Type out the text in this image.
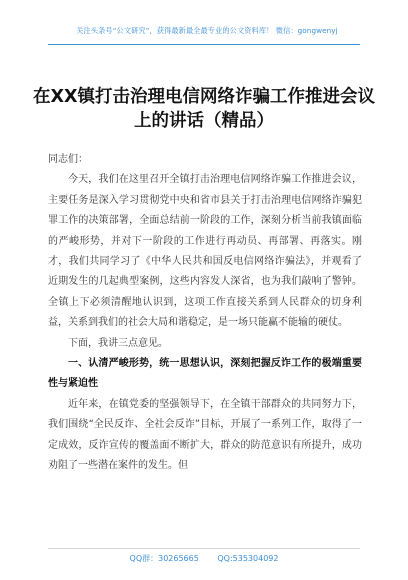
关注头条号“公文研究”，获得最新最全最专业的公文资料库！ 微信：gongwenyj
在XX镇打击治理电信网络诈骗工作推进会议上的讲话（精品）

同志们：

今天，我们在这里召开全镇打击治理电信网络诈骗工作推进会议，主要任务是深入学习贯彻党中央和省市县关于打击治理电信网络诈骗犯罪工作的决策部署，全面总结前一阶段的工作，深刻分析当前我镇面临的严峻形势，并对下一阶段的工作进行再动员、再部署、再落实。刚才，我们共同学习了《中华人民共和国反电信网络诈骗法》，并观看了近期发生的几起典型案例，这些内容发人深省，也为我们敲响了警钟。全镇上下必须清醒地认识到，这项工作直接关系到人民群众的切身利益，关系到我们的社会大局和谐稳定，是一场只能赢不能输的硬仗。

下面，我讲三点意见。

一、认清严峻形势，统一思想认识，深刻把握反诈工作的极端重要性与紧迫性

近年来，在镇党委的坚强领导下，在全镇干部群众的共同努力下，我们围绕“全民反诈、全社会反诈”目标，开展了一系列工作，取得了一定成效，反诈宣传的覆盖面不断扩大，群众的防范意识有所提升，成功劝阻了一些潜在案件的发生。但

QQ群：30265665 QQ:535304092
